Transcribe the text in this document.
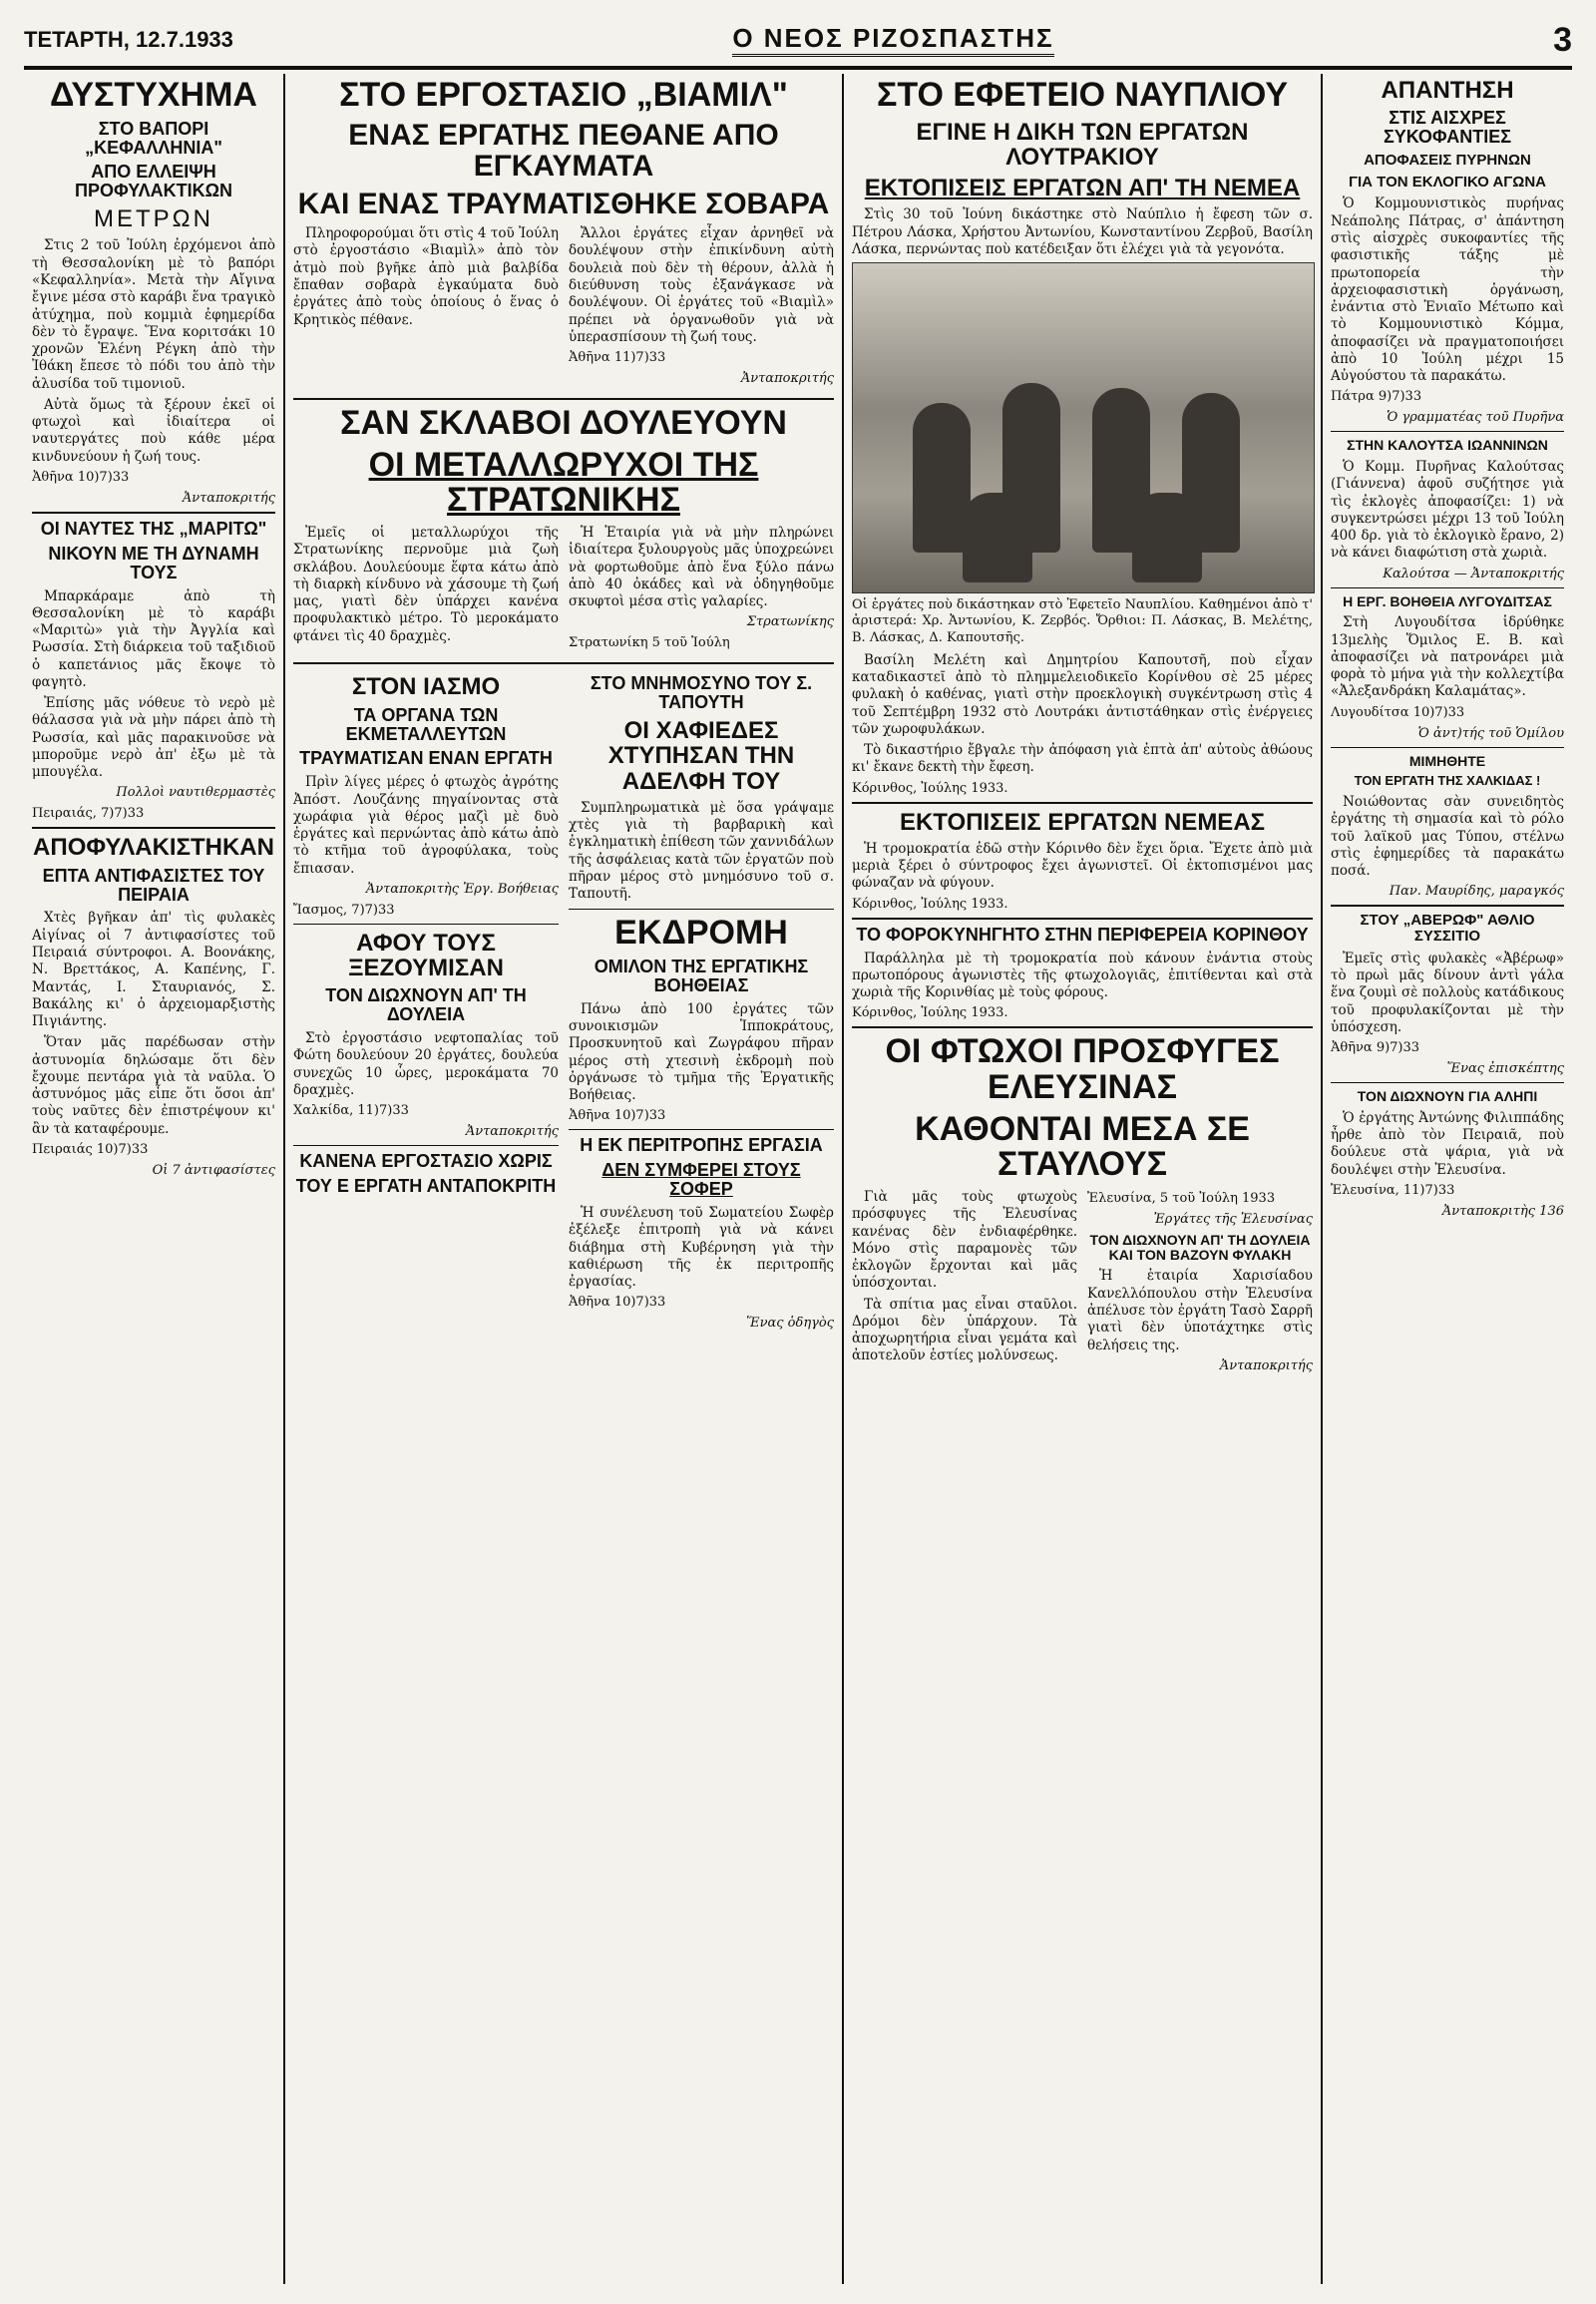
ΤΕΤΑΡΤΗ, 12.7.1933	Ο ΝΕΟΣ ΡΙΖΟΣΠΑΣΤΗΣ	3
ΔΥΣΤΥΧΗΜΑ
ΣΤΟ ΒΑΠΟΡΙ „ΚΕΦΑΛΛΗΝΙΑ"
ΑΠΟ ΕΛΛΕΙΨΗ ΠΡΟΦΥΛΑΚΤΙΚΩΝ
ΜΕΤΡΩΝ

Στις 2 τοῦ Ἰούλη ἐρχόμενοι ἀπὸ τὴ Θεσσαλονίκη μὲ τὸ βαπόρι «Κεφαλληνία». Μετὰ τὴν Αἴγινα ἔγινε μέσα στὸ καράβι ἕνα τραγικὸ ἀτύχημα, ποὺ κομμιὰ ἐφημερίδα δὲν τὸ ἔγραψε. Ἕνα κοριτσάκι 10 χρονῶν Ἑλένη Ρέγκη ἀπὸ τὴν Ἰθάκη ἔπεσε τὸ πόδι του ἀπὸ τὴν ἁλυσίδα τοῦ τιμονιοῦ.

Αὐτὰ ὅμως τὰ ξέρουν ἐκεῖ οἱ φτωχοὶ καὶ ἰδιαίτερα οἱ ναυτεργάτες ποὺ κάθε μέρα κινδυνεύουν ἡ ζωή τους.

Ἀθῆνα 10)7)33
Ἀνταποκριτής
ΟΙ ΝΑΥΤΕΣ ΤΗΣ „ΜΑΡΙΤΩ"
ΝΙΚΟΥΝ ΜΕ ΤΗ ΔΥΝΑΜΗ ΤΟΥΣ

Μπαρκάραμε ἀπὸ τὴ Θεσσαλονίκη μὲ τὸ καράβι «Μαριτὼ» γιὰ τὴν Ἀγγλία καὶ Ρωσσία. Στὴ διάρκεια τοῦ ταξιδιοῦ ὁ καπετάνιος μᾶς ἔκοψε τὸ φαγητὸ.

Ἐπίσης μᾶς νόθευε τὸ νερὸ μὲ θάλασσα γιὰ νὰ μὴν πάρει ἀπὸ τὴ Ρωσσία, καὶ μᾶς παρακινοῦσε νὰ μποροῦμε νερὸ ἀπ' ἐξω μὲ τὰ μπουγέλα.

Πολλοὶ ναυτιθερμαστὲς
Πειραιάς, 7)7)33
ΑΠΟΦΥΛΑΚΙΣΤΗΚΑΝ
ΕΠΤΑ ΑΝΤΙΦΑΣΙΣΤΕΣ ΤΟΥ ΠΕΙΡΑΙΑ

Χτὲς βγῆκαν ἀπ' τὶς φυλακὲς Αἰγίνας οἱ 7 ἀντιφασίστες τοῦ Πειραιά σύντροφοι. Α. Βοονάκης, Ν. Βρεττάκος, Α. Καπένης, Γ. Μαντάς, Ι. Σταυριανός, Σ. Βακάλης κι' ὁ ἀρχειομαρξιστὴς Πιγιάντης.

Ὅταν μᾶς παρέδωσαν στὴν ἀστυνομία δηλώσαμε ὅτι δὲν ἔχουμε πεντάρα γιὰ τὰ ναῦλα. Ὁ ἀστυνόμος μᾶς εἶπε ὅτι ὅσοι ἀπ' τοὺς ναῦτες δὲν ἐπιστρέψουν κι' ἂν τὰ καταφέρουμε.

Πειραιάς 10)7)33
Οἱ 7 ἀντιφασίστες
ΣΤΟ ΕΡΓΟΣΤΑΣΙΟ „ΒΙΑΜΙΛ"
ΕΝΑΣ ΕΡΓΑΤΗΣ ΠΕΘΑΝΕ ΑΠΟ ΕΓΚΑΥΜΑΤΑ
ΚΑΙ ΕΝΑΣ ΤΡΑΥΜΑΤΙΣΘΗΚΕ ΣΟΒΑΡΑ

Πληροφορούμαι ὅτι στὶς 4 τοῦ Ἰούλη στὸ ἐργοστάσιο «Βιαμὶλ» ἀπὸ τὸν ἀτμὸ ποὺ βγῆκε ἀπὸ μιὰ βαλβίδα ἔπαθαν σοβαρὰ ἐγκαύματα δυὸ ἐργάτες ἀπὸ τοὺς ὁποίους ὁ ἕνας ὁ Κρητικὸς πέθανε.

Ἄλλοι ἐργάτες εἶχαν ἀρνηθεῖ νὰ δουλέψουν στὴν ἐπικίνδυνη αὐτὴ δουλειὰ ποὺ δὲν τὴ θέρουν, ἀλλὰ ἡ διεύθυνση τοὺς ἐξανάγκασε νὰ δουλέψουν. Οἱ ἐργάτες τοῦ «Βιαμὶλ» πρέπει νὰ ὀργανωθοῦν γιὰ νὰ ὑπερασπίσουν τὴ ζωή τους.

Ἀθῆνα 11)7)33
Ἀνταποκριτής
ΣΑΝ ΣΚΛΑΒΟΙ ΔΟΥΛΕΥΟΥΝ
ΟΙ ΜΕΤΑΛΛΩΡΥΧΟΙ ΤΗΣ ΣΤΡΑΤΩΝΙΚΗΣ

Ἐμεῖς οἱ μεταλλωρύχοι τῆς Στρατωνίκης περνοῦμε μιὰ ζωὴ σκλάβου. Δουλεύουμε ἕφτα κάτω ἀπὸ τὴ διαρκὴ κίνδυνο νὰ χάσουμε τὴ ζωή μας, γιατὶ δὲν ὑπάρχει κανένα προφυλακτικὸ μέτρο. Τὸ μεροκάματο φτάνει τὶς 40 δραχμὲς.

Ἡ Ἑταιρία γιὰ νὰ μὴν πληρώνει ἰδιαίτερα ξυλουργοὺς μᾶς ὑποχρεώνει νὰ φορτωθοῦμε ἀπὸ ἕνα ξύλο πάνω ἀπὸ 40 ὀκάδες καὶ νὰ ὁδηγηθοῦμε σκυφτοὶ μέσα στὶς γαλαρίες.

Στρατωνίκης
Στρατωνίκη 5 τοῦ Ἰούλη
ΣΤΟΝ ΙΑΣΜΟ
ΤΑ ΟΡΓΑΝΑ ΤΩΝ ΕΚΜΕΤΑΛΛΕΥΤΩΝ
ΤΡΑΥΜΑΤΙΣΑΝ ΕΝΑΝ ΕΡΓΑΤΗ

Πρὶν λίγες μέρες ὁ φτωχὸς ἀγρότης Ἀπόστ. Λουζάνης πηγαίνοντας στὰ χωράφια γιὰ θέρος μαζὶ μὲ δυὸ ἐργάτες καὶ περνώντας ἀπὸ κάτω ἀπὸ τὸ κτῆμα τοῦ ἀγροφύλακα, τοὺς ἔπιασαν.

Ἀνταποκριτὴς Ἐργ. Βοήθειας
Ἴασμος, 7)7)33
ΑΦΟΥ ΤΟΥΣ ΞΕΖΟΥΜΙΣΑΝ
ΤΟΝ ΔΙΩΧΝΟΥΝ ΑΠ' ΤΗ ΔΟΥΛΕΙΑ

Στὸ ἐργοστάσιο νεφτοπαλίας τοῦ Φώτη δουλεύουν 20 ἐργάτες, δουλεύα συνεχῶς 10 ὧρες, μεροκάματα 70 δραχμὲς.

Χαλκίδα, 11)7)33
Ἀνταποκριτής
ΚΑΝΕΝΑ ΕΡΓΟΣΤΑΣΙΟ ΧΩΡΙΣ
ΤΟΥ Ε ΕΡΓΑΤΗ ΑΝΤΑΠΟΚΡΙΤΗ
ΣΤΟ ΜΝΗΜΟΣΥΝΟ ΤΟΥ Σ. ΤΑΠΟΥΤΗ
ΟΙ ΧΑΦΙΕΔΕΣ ΧΤΥΠΗΣΑΝ ΤΗΝ ΑΔΕΛΦΗ ΤΟΥ

Συμπληρωματικὰ μὲ ὅσα γράψαμε χτὲς γιὰ τὴ βαρβαρικὴ καὶ ἐγκληματικὴ ἐπίθεση τῶν χαννιδάλων τῆς ἀσφάλειας κατὰ τῶν ἐργατῶν ποὺ πῆραν μέρος στὸ μνημόσυνο τοῦ σ. Ταπουτῆ.

ΕΚΔΡΟΜΗ
ΟΜΙΛΟΝ ΤΗΣ ΕΡΓΑΤΙΚΗΣ ΒΟΗΘΕΙΑΣ

Πάνω ἀπὸ 100 ἐργάτες τῶν συνοικισμῶν Ἱπποκράτους, Προσκυνητοῦ καὶ Ζωγράφου πῆραν μέρος στὴ χτεσινὴ ἐκδρομὴ ποὺ ὀργάνωσε τὸ τμῆμα τῆς Ἐργατικῆς Βοήθειας.

Ἀθῆνα 10)7)33
Η ΕΚ ΠΕΡΙΤΡΟΠΗΣ ΕΡΓΑΣΙΑ
ΔΕΝ ΣΥΜΦΕΡΕΙ ΣΤΟΥΣ ΣΟΦΕΡ

Ἡ συνέλευση τοῦ Σωματείου Σωφὲρ ἐξέλεξε ἐπιτροπὴ γιὰ νὰ κάνει διάβημα στὴ Κυβέρνηση γιὰ τὴν καθιέρωση τῆς ἐκ περιτροπῆς ἐργασίας.

Ἀθῆνα 10)7)33
Ἕνας ὁδηγὸς
ΣΤΟ ΕΦΕΤΕΙΟ ΝΑΥΠΛΙΟΥ
ΕΓΙΝΕ Η ΔΙΚΗ ΤΩΝ ΕΡΓΑΤΩΝ ΛΟΥΤΡΑΚΙΟΥ
ΕΚΤΟΠΙΣΕΙΣ ΕΡΓΑΤΩΝ ΑΠ' ΤΗ ΝΕΜΕΑ

Στὶς 30 τοῦ Ἰούνη δικάστηκε στὸ Ναύπλιο ἡ ἔφεση τῶν σ. Πέτρου Λάσκα, Χρήστου Ἀντωνίου, Κωνσταντίνου Ζερβοῦ, Βασίλη Λάσκα, περνώντας ποὺ κατέδειξαν ὅτι ἐλέχει γιὰ τὰ γεγονότα.

Οἱ ἐργάτες ποὺ δικάστηκαν στὸ Ἐφετεῖο Ναυπλίου. Καθημένοι ἀπὸ τ' ἀριστερά: Χρ. Ἀντωνίου, Κ. Ζερβός. Ὄρθιοι: Π. Λάσκας, Β. Μελέτης, Β. Λάσκας, Δ. Καπουτσῆς.

Βασίλη Μελέτη καὶ Δημητρίου Καπουτσῆ, ποὺ εἶχαν καταδικαστεῖ ἀπὸ τὸ πλημμελειοδικεῖο Κορίνθου σὲ 25 μέρες φυλακὴ ὁ καθένας, γιατὶ στὴν προεκλογικὴ συγκέντρωση στὶς 4 τοῦ Σεπτέμβρη 1932 στὸ Λουτράκι ἀντιστάθηκαν στὶς ἐνέργειες τῶν χωροφυλάκων.

Τὸ δικαστήριο ἔβγαλε τὴν ἀπόφαση γιὰ ἐπτὰ ἀπ' αὐτοὺς ἀθώους κι' ἔκανε δεκτὴ τὴν ἔφεση.

Κόρινθος, Ἰούλης 1933.
ΕΚΤΟΠΙΣΕΙΣ ΕΡΓΑΤΩΝ ΝΕΜΕΑΣ

Ἡ τρομοκρατία ἐδῶ στὴν Κόρινθο δὲν ἔχει ὅρια. Ἔχετε ἀπὸ μιὰ μεριὰ ξέρει ὁ σύντροφος ἔχει ἀγωνιστεῖ. Οἱ ἐκτοπισμένοι μας φώναζαν νὰ φύγουν.

Κόρινθος, Ἰούλης 1933.
ΤΟ ΦΟΡΟΚΥΝΗΓΗΤΟ ΣΤΗΝ ΠΕΡΙΦΕΡΕΙΑ ΚΟΡΙΝΘΟΥ

Παράλληλα μὲ τὴ τρομοκρατία ποὺ κάνουν ἐνάντια στοὺς πρωτοπόρους ἀγωνιστὲς τῆς φτωχολογιᾶς, ἐπιτίθενται καὶ στὰ χωριὰ τῆς Κορινθίας μὲ τοὺς φόρους.

Κόρινθος, Ἰούλης 1933.
ΟΙ ΦΤΩΧΟΙ ΠΡΟΣΦΥΓΕΣ ΕΛΕΥΣΙΝΑΣ
ΚΑΘΟΝΤΑΙ ΜΕΣΑ ΣΕ ΣΤΑΥΛΟΥΣ

Γιὰ μᾶς τοὺς φτωχοὺς πρόσφυγες τῆς Ἐλευσίνας κανένας δὲν ἐνδιαφέρθηκε. Μόνο στὶς παραμονὲς τῶν ἐκλογῶν ἔρχονται καὶ μᾶς ὑπόσχονται.

Τὰ σπίτια μας εἶναι σταῦλοι. Δρόμοι δὲν ὑπάρχουν. Τὰ ἀποχωρητήρια εἶναι γεμάτα καὶ ἀποτελοῦν ἑστίες μολύνσεως.

Ἐλευσίνα, 5 τοῦ Ἰούλη 1933
Ἐργάτες τῆς Ἐλευσίνας
ΤΟΝ ΔΙΩΧΝΟΥΝ ΑΠ' ΤΗ ΔΟΥΛΕΙΑ ΚΑΙ ΤΟΝ ΒΑΖΟΥΝ ΦΥΛΑΚΗ

Ἡ ἑταιρία Χαρισίαδου Κανελλόπουλου στὴν Ἐλευσίνα ἀπέλυσε τὸν ἐργάτη Τασὸ Σαρρῆ γιατὶ δὲν ὑποτάχτηκε στὶς θελήσεις της.

Ἀνταποκριτής
ΑΠΑΝΤΗΣΗ
ΣΤΙΣ ΑΙΣΧΡΕΣ ΣΥΚΟΦΑΝΤΙΕΣ
ΑΠΟΦΑΣΕΙΣ ΠΥΡΗΝΩΝ
ΓΙΑ ΤΟΝ ΕΚΛΟΓΙΚΟ ΑΓΩΝΑ

Ὁ Κομμουνιστικὸς πυρήνας Νεάπολης Πάτρας, σ' ἀπάντηση στὶς αἰσχρὲς συκοφαντίες τῆς φασιστικῆς τάξης μὲ πρωτοπορεία τὴν ἀρχειοφασιστικὴ ὀργάνωση, ἐνάντια στὸ Ἑνιαῖο Μέτωπο καὶ τὸ Κομμουνιστικὸ Κόμμα, ἀποφασίζει νὰ πραγματοποιήσει ἀπὸ 10 Ἰούλη μέχρι 15 Αὐγούστου τὰ παρακάτω.

Πάτρα 9)7)33
Ὁ γραμματέας τοῦ Πυρῆνα
ΣΤΗΝ ΚΑΛΟΥΤΣΑ ΙΩΑΝΝΙΝΩΝ

Ὁ Κομμ. Πυρῆνας Καλούτσας (Γιάννενα) ἀφοῦ συζήτησε γιὰ τὶς ἐκλογὲς ἀποφασίζει: 1) νὰ συγκεντρώσει μέχρι 13 τοῦ Ἰούλη 400 δρ. γιὰ τὸ ἐκλογικὸ ἔρανο, 2) νὰ κάνει διαφώτιση στὰ χωριὰ.

Καλούτσα — Ἀνταποκριτής
Η ΕΡΓ. ΒΟΗΘΕΙΑ ΛΥΓΟΥΔΙΤΣΑΣ

Στὴ Λυγουδίτσα ἱδρύθηκε 13μελὴς Ὅμιλος Ε. Β. καὶ ἀποφασίζει νὰ πατρονάρει μιὰ φορὰ τὸ μήνα γιὰ τὴν κολλεχτίβα «Ἀλεξανδράκη Καλαμάτας».

Λυγουδίτσα 10)7)33
Ὁ ἀντ)τής τοῦ Ὁμίλου
ΜΙΜΗΘΗΤΕ
ΤΟΝ ΕΡΓΑΤΗ ΤΗΣ ΧΑΛΚΙΔΑΣ !

Νοιώθοντας σὰν συνειδητὸς ἐργάτης τὴ σημασία καὶ τὸ ρόλο τοῦ λαϊκοῦ μας Τύπου, στέλνω στὶς ἐφημερίδες τὰ παρακάτω ποσά.

Παν. Μαυρίδης, μαραγκός
ΣΤΟΥ „ΑΒΕΡΩΦ" ΑΘΛΙΟ ΣΥΣΣΙΤΙΟ

Ἐμεῖς στὶς φυλακὲς «Ἀβέρωφ» τὸ πρωὶ μᾶς δίνουν ἀντὶ γάλα ἕνα ζουμὶ σὲ πολλοὺς κατάδικους τοῦ προφυλακίζονται μὲ τὴν ὑπόσχεση.

Ἀθῆνα 9)7)33
Ἕνας ἐπισκέπτης
ΤΟΝ ΔΙΩΧΝΟΥΝ ΓΙΑ ΑΛΗΠΙ

Ὁ ἐργάτης Ἀντώνης Φιλιππάδης ἦρθε ἀπὸ τὸν Πειραιᾶ, ποὺ δούλευε στὰ ψάρια, γιὰ νὰ δουλέψει στὴν Ἐλευσίνα.

Ἐλευσίνα, 11)7)33
Ἀνταποκριτὴς 136
